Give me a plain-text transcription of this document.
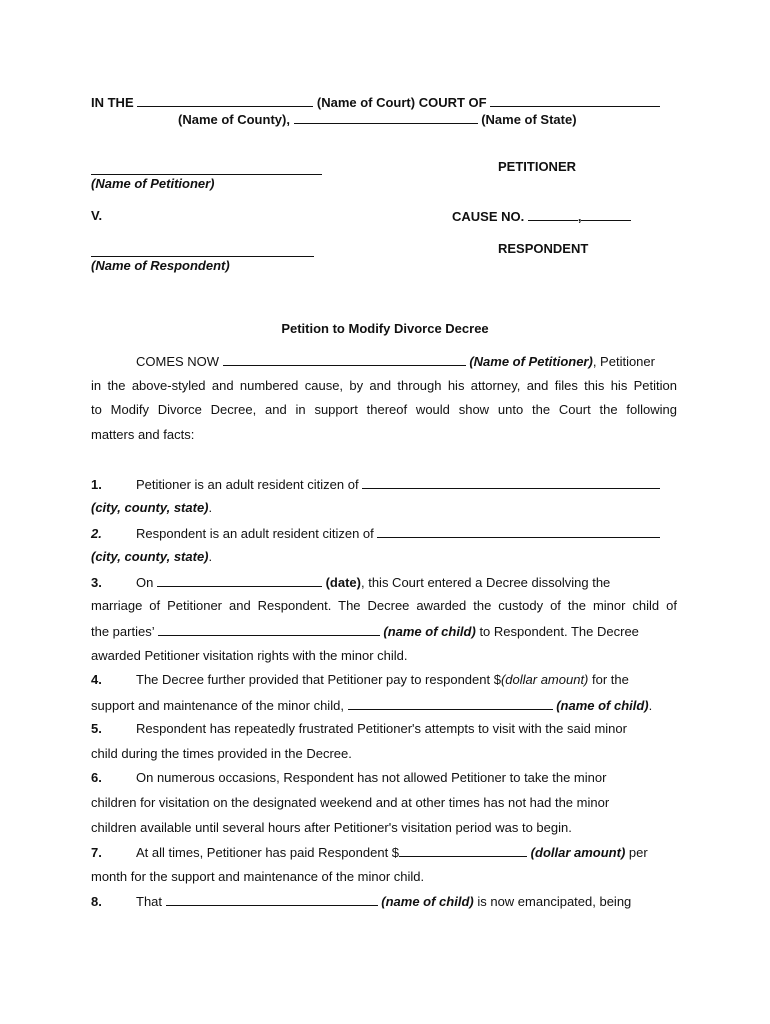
IN THE	(Name of Court) COURT OF
(Name of County),	(Name of State)
PETITIONER
(Name of Petitioner)
V.	CAUSE NO.	,
RESPONDENT
(Name of Respondent)
Petition to Modify Divorce Decree
COMES NOW	(Name of Petitioner), Petitioner
in the above-styled and numbered cause, by and through his attorney, and files this his Petition
to Modify Divorce Decree, and in support thereof would show unto the Court the following
matters and facts:
1.	Petitioner is an adult resident citizen of
(city, county, state).
2.	Respondent is an adult resident citizen of
(city, county, state).
3.	On	(date), this Court entered a Decree dissolving the
marriage of Petitioner and Respondent. The Decree awarded the custody of the minor child of
the parties’	(name of child) to Respondent. The Decree
awarded Petitioner visitation rights with the minor child.
4.	The Decree further provided that Petitioner pay to respondent $(dollar amount) for the
support and maintenance of the minor child,	(name of child).
5.	Respondent has repeatedly frustrated Petitioner's attempts to visit with the said minor
child during the times provided in the Decree.
6.	On numerous occasions, Respondent has not allowed Petitioner to take the minor
children for visitation on the designated weekend and at other times has not had the minor
children available until several hours after Petitioner's visitation period was to begin.
7.	At all times, Petitioner has paid Respondent $	(dollar amount) per
month for the support and maintenance of the minor child.
8.	That	(name of child) is now emancipated, being
